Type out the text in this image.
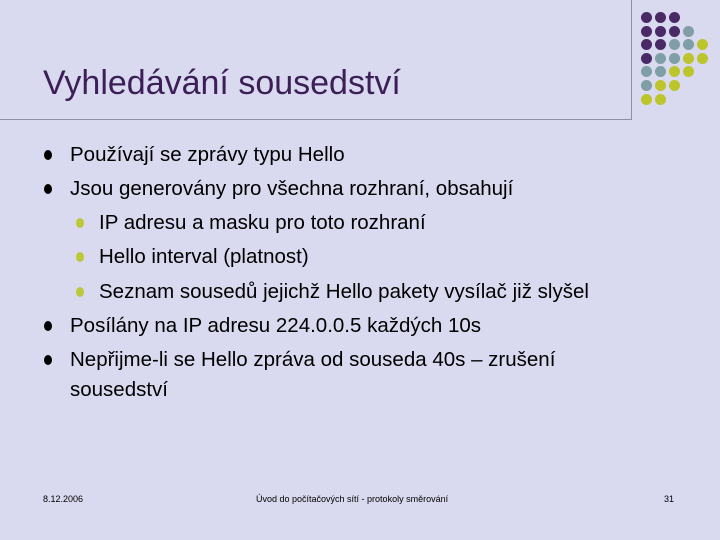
Vyhledávání sousedství
Používají se zprávy typu Hello
Jsou generovány pro všechna rozhraní, obsahují
IP adresu a masku pro toto rozhraní
Hello interval (platnost)
Seznam sousedů jejichž Hello pakety vysílač již slyšel
Posílány na IP adresu 224.0.0.5 každých 10s
Nepřijme-li se Hello zpráva od souseda 40s – zrušení
sousedství
8.12.2006	Úvod do počítačových sítí - protokoly směrování	31
